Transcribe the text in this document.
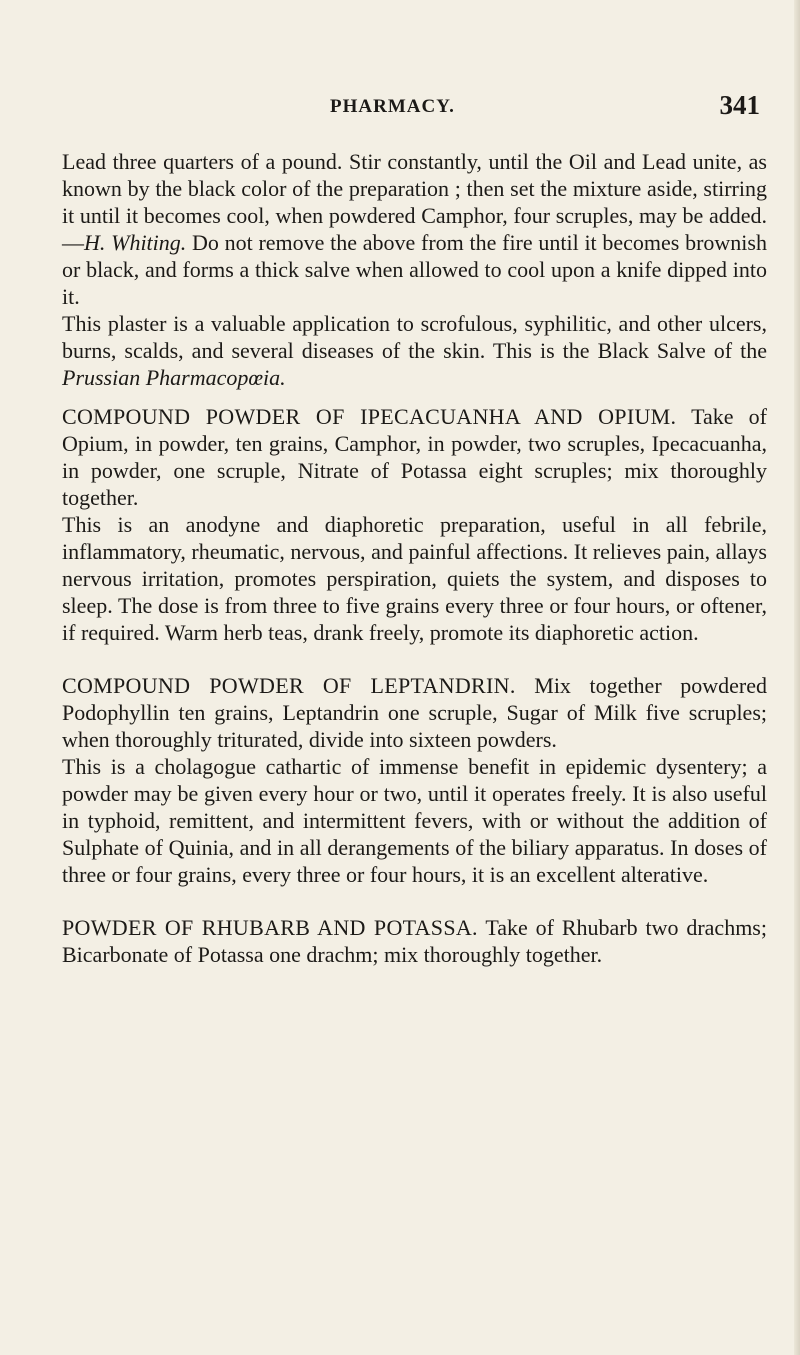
PHARMACY.	341

Lead three quarters of a pound. Stir constantly, until the Oil and Lead unite, as known by the black color of the preparation ; then set the mixture aside, stirring it until it becomes cool, when powdered Camphor, four scruples, may be added.—H. Whiting. Do not remove the above from the fire until it becomes brownish or black, and forms a thick salve when allowed to cool upon a knife dipped into it.

This plaster is a valuable application to scrofulous, syphilitic, and other ulcers, burns, scalds, and several diseases of the skin. This is the Black Salve of the Prussian Pharmacopœia.

COMPOUND POWDER OF IPECACUANHA AND OPIUM. Take of Opium, in powder, ten grains, Camphor, in powder, two scruples, Ipecacuanha, in powder, one scruple, Nitrate of Potassa eight scruples; mix thoroughly together.

This is an anodyne and diaphoretic preparation, useful in all febrile, inflammatory, rheumatic, nervous, and painful affections. It relieves pain, allays nervous irritation, promotes perspiration, quiets the system, and disposes to sleep. The dose is from three to five grains every three or four hours, or oftener, if required. Warm herb teas, drank freely, promote its diaphoretic action.

COMPOUND POWDER OF LEPTANDRIN. Mix together powdered Podophyllin ten grains, Leptandrin one scruple, Sugar of Milk five scruples; when thoroughly triturated, divide into sixteen powders.

This is a cholagogue cathartic of immense benefit in epidemic dysentery; a powder may be given every hour or two, until it operates freely. It is also useful in typhoid, remittent, and intermittent fevers, with or without the addition of Sulphate of Quinia, and in all derangements of the biliary apparatus. In doses of three or four grains, every three or four hours, it is an excellent alterative.

POWDER OF RHUBARB AND POTASSA. Take of Rhubarb two drachms; Bicarbonate of Potassa one drachm; mix thoroughly together.
